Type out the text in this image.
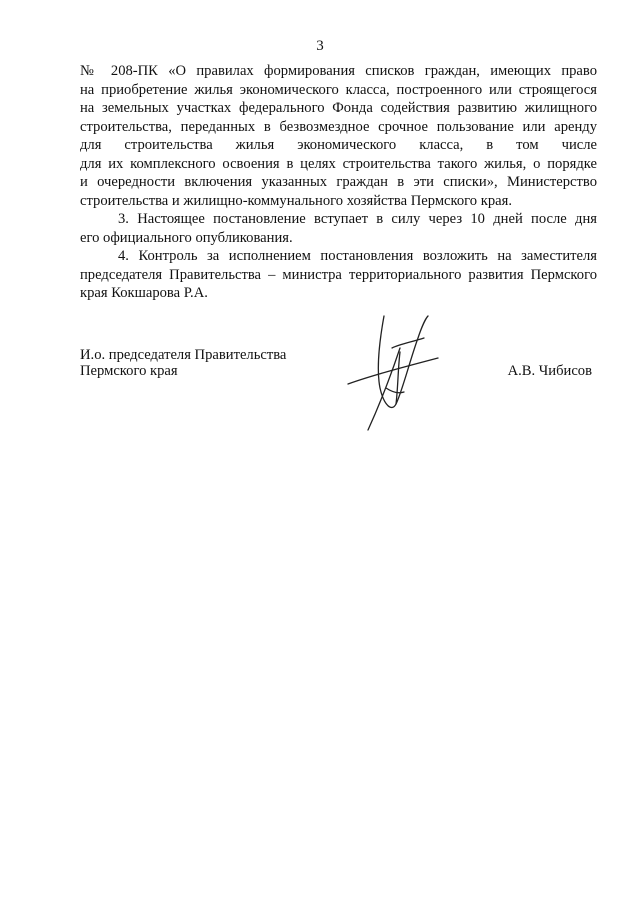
3
№ 208-ПК «О правилах формирования списков граждан, имеющих право
на приобретение жилья экономического класса, построенного или строящегося
на земельных участках федерального Фонда содействия развитию жилищного
строительства, переданных в безвозмездное срочное пользование или аренду
для строительства жилья экономического класса, в том числе
для их комплексного освоения в целях строительства такого жилья, о порядке
и очередности включения указанных граждан в эти списки», Министерство
строительства и жилищно-коммунального хозяйства Пермского края.
3. Настоящее постановление вступает в силу через 10 дней после дня
его официального опубликования.
4. Контроль за исполнением постановления возложить на заместителя
председателя Правительства – министра территориального развития Пермского
края Кокшарова Р.А.
И.о. председателя Правительства
Пермского края	А.В. Чибисов
